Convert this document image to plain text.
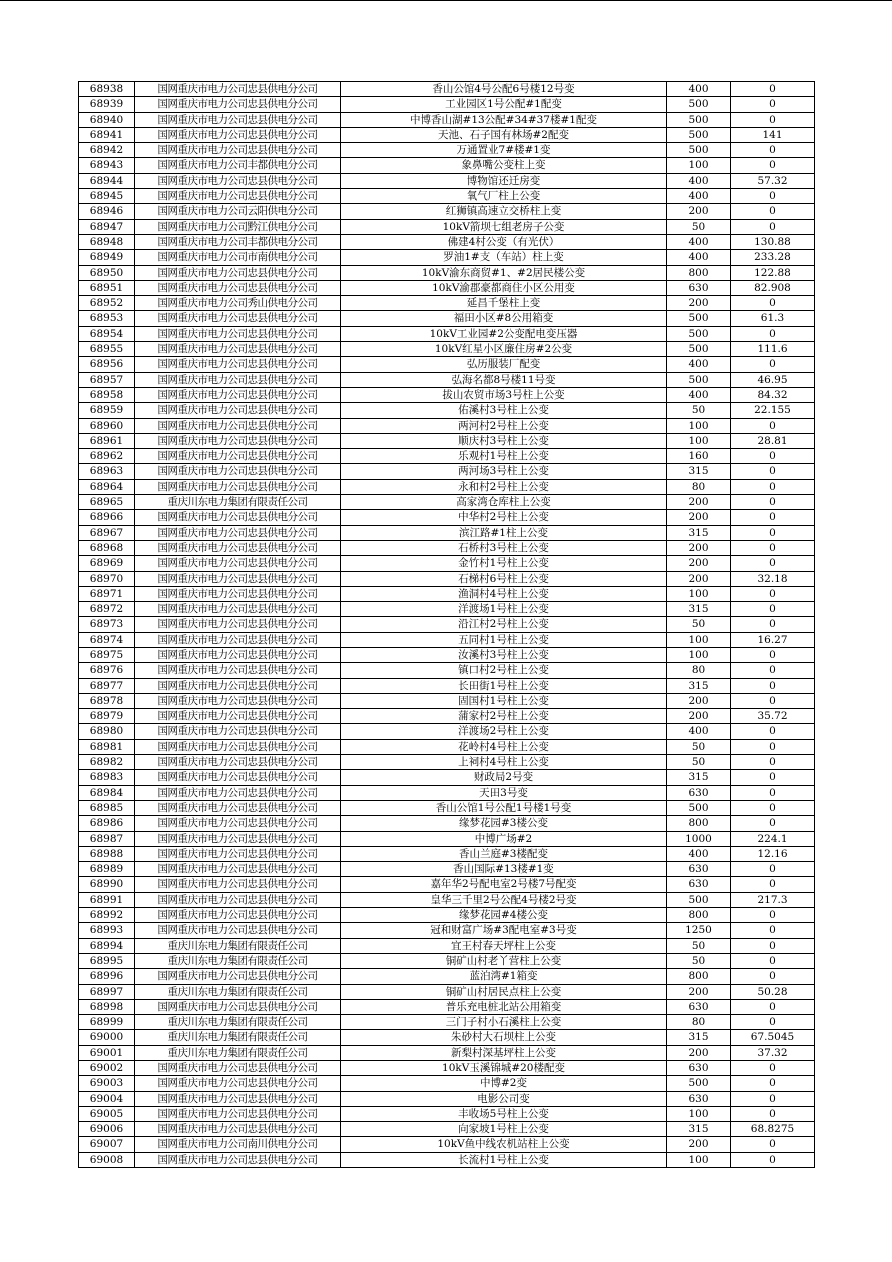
68938	国网重庆市电力公司忠县供电分公司	香山公馆4号公配6号楼12号变	400	0
68939	国网重庆市电力公司忠县供电分公司	工业园区1号公配#1配变	500	0
68940	国网重庆市电力公司忠县供电分公司	中博香山湖#13公配#34#37楼#1配变	500	0
68941	国网重庆市电力公司忠县供电分公司	天池、石子国有林场#2配变	500	141
68942	国网重庆市电力公司忠县供电分公司	万通置业7#楼#1变	500	0
68943	国网重庆市电力公司丰都供电分公司	象鼻嘴公变柱上变	100	0
68944	国网重庆市电力公司忠县供电分公司	博物馆还迁房变	400	57.32
68945	国网重庆市电力公司忠县供电分公司	氧气厂柱上公变	400	0
68946	国网重庆市电力公司云阳供电分公司	红狮镇高速立交桥柱上变	200	0
68947	国网重庆市电力公司黔江供电分公司	10kV箭坝七组老房子公变	50	0
68948	国网重庆市电力公司丰都供电分公司	佛建4村公变（有光伏）	400	130.88
68949	国网重庆市电力公司市南供电分公司	罗油1#支（车站）柱上变	400	233.28
68950	国网重庆市电力公司忠县供电分公司	10kV渝东商贸#1、#2居民楼公变	800	122.88
68951	国网重庆市电力公司忠县供电分公司	10kV渝郡豪都商住小区公用变	630	82.908
68952	国网重庆市电力公司秀山供电分公司	延昌千堡柱上变	200	0
68953	国网重庆市电力公司忠县供电分公司	福田小区#8公用箱变	500	61.3
68954	国网重庆市电力公司忠县供电分公司	10kV工业园#2公变配电变压器	500	0
68955	国网重庆市电力公司忠县供电分公司	10kV红星小区廉住房#2公变	500	111.6
68956	国网重庆市电力公司忠县供电分公司	弘历服装厂配变	400	0
68957	国网重庆市电力公司忠县供电分公司	弘海名都8号楼11号变	500	46.95
68958	国网重庆市电力公司忠县供电分公司	拔山农贸市场3号柱上公变	400	84.32
68959	国网重庆市电力公司忠县供电分公司	佑溪村3号柱上公变	50	22.155
68960	国网重庆市电力公司忠县供电分公司	两河村2号柱上公变	100	0
68961	国网重庆市电力公司忠县供电分公司	顺庆村3号柱上公变	100	28.81
68962	国网重庆市电力公司忠县供电分公司	乐观村1号柱上公变	160	0
68963	国网重庆市电力公司忠县供电分公司	两河场3号柱上公变	315	0
68964	国网重庆市电力公司忠县供电分公司	永和村2号柱上公变	80	0
68965	重庆川东电力集团有限责任公司	高家湾仓库柱上公变	200	0
68966	国网重庆市电力公司忠县供电分公司	中华村2号柱上公变	200	0
68967	国网重庆市电力公司忠县供电分公司	滨江路#1柱上公变	315	0
68968	国网重庆市电力公司忠县供电分公司	石桥村3号柱上公变	200	0
68969	国网重庆市电力公司忠县供电分公司	金竹村1号柱上公变	200	0
68970	国网重庆市电力公司忠县供电分公司	石梯村6号柱上公变	200	32.18
68971	国网重庆市电力公司忠县供电分公司	渔洞村4号柱上公变	100	0
68972	国网重庆市电力公司忠县供电分公司	洋渡场1号柱上公变	315	0
68973	国网重庆市电力公司忠县供电分公司	沿江村2号柱上公变	50	0
68974	国网重庆市电力公司忠县供电分公司	五同村1号柱上公变	100	16.27
68975	国网重庆市电力公司忠县供电分公司	汝溪村3号柱上公变	100	0
68976	国网重庆市电力公司忠县供电分公司	镇口村2号柱上公变	80	0
68977	国网重庆市电力公司忠县供电分公司	长田街1号柱上公变	315	0
68978	国网重庆市电力公司忠县供电分公司	固国村1号柱上公变	200	0
68979	国网重庆市电力公司忠县供电分公司	蒲家村2号柱上公变	200	35.72
68980	国网重庆市电力公司忠县供电分公司	洋渡场2号柱上公变	400	0
68981	国网重庆市电力公司忠县供电分公司	花岭村4号柱上公变	50	0
68982	国网重庆市电力公司忠县供电分公司	上祠村4号柱上公变	50	0
68983	国网重庆市电力公司忠县供电分公司	财政局2号变	315	0
68984	国网重庆市电力公司忠县供电分公司	天田3号变	630	0
68985	国网重庆市电力公司忠县供电分公司	香山公馆1号公配1号楼1号变	500	0
68986	国网重庆市电力公司忠县供电分公司	缘梦花园#3楼公变	800	0
68987	国网重庆市电力公司忠县供电分公司	中博广场#2	1000	224.1
68988	国网重庆市电力公司忠县供电分公司	香山兰庭#3楼配变	400	12.16
68989	国网重庆市电力公司忠县供电分公司	香山国际#13楼#1变	630	0
68990	国网重庆市电力公司忠县供电分公司	嘉年华2号配电室2号楼7号配变	630	0
68991	国网重庆市电力公司忠县供电分公司	皇华三千里2号公配4号楼2号变	500	217.3
68992	国网重庆市电力公司忠县供电分公司	缘梦花园#4楼公变	800	0
68993	国网重庆市电力公司忠县供电分公司	冠和财富广场#3配电室#3号变	1250	0
68994	重庆川东电力集团有限责任公司	宜王村春天坪柱上公变	50	0
68995	重庆川东电力集团有限责任公司	铜矿山村老丫营柱上公变	50	0
68996	国网重庆市电力公司忠县供电分公司	蓝泊湾#1箱变	800	0
68997	重庆川东电力集团有限责任公司	铜矿山村居民点柱上公变	200	50.28
68998	国网重庆市电力公司忠县供电分公司	普乐充电桩北站公用箱变	630	0
68999	重庆川东电力集团有限责任公司	三门子村小石溪柱上公变	80	0
69000	重庆川东电力集团有限责任公司	朱砂村大石坝柱上公变	315	67.5045
69001	重庆川东电力集团有限责任公司	新梨村深基坪柱上公变	200	37.32
69002	国网重庆市电力公司忠县供电分公司	10kV玉溪锦城#20楼配变	630	0
69003	国网重庆市电力公司忠县供电分公司	中博#2变	500	0
69004	国网重庆市电力公司忠县供电分公司	电影公司变	630	0
69005	国网重庆市电力公司忠县供电分公司	丰收场5号柱上公变	100	0
69006	国网重庆市电力公司忠县供电分公司	向家坡1号柱上公变	315	68.8275
69007	国网重庆市电力公司南川供电分公司	10kV鱼中线农机站柱上公变	200	0
69008	国网重庆市电力公司忠县供电分公司	长流村1号柱上公变	100	0
